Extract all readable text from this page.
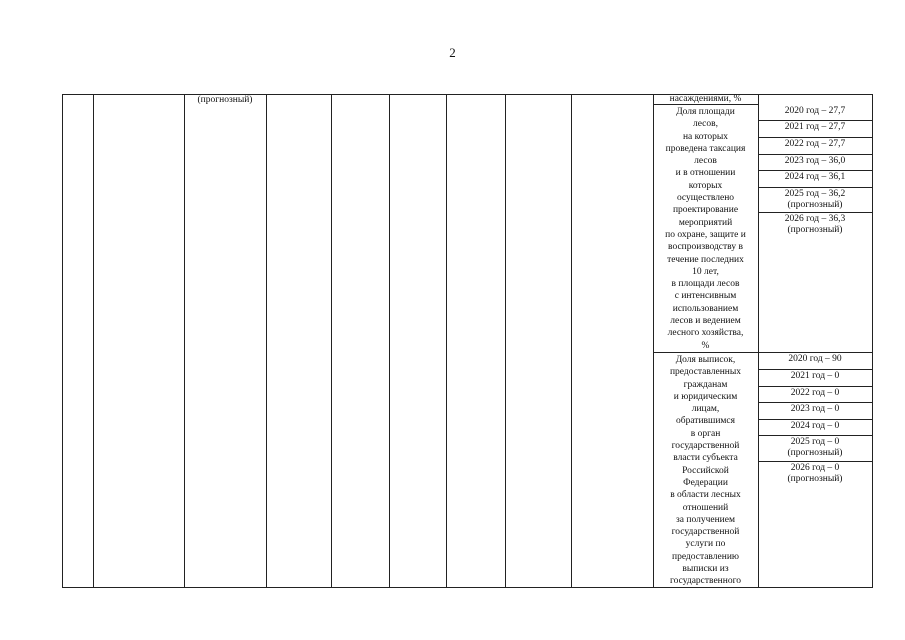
2
(прогнозный)	насаждениями, %
Доля площади
лесов,
на которых
проведена таксация
лесов
и в отношении
которых
осуществлено
проектирование
мероприятий
по охране, защите и
воспроизводству в
течение последних
10 лет,
в площади лесов
с интенсивным
использованием
лесов и ведением
лесного хозяйства,
%
2020 год – 27,7
2021 год – 27,7
2022 год – 27,7
2023 год – 36,0
2024 год – 36,1
2025 год – 36,2
(прогнозный)
2026 год – 36,3
(прогнозный)
Доля выписок,
предоставленных
гражданам
и юридическим
лицам,
обратившимся
в орган
государственной
власти субъекта
Российской
Федерации
в области лесных
отношений
за получением
государственной
услуги по
предоставлению
выписки из
государственного
2020 год – 90
2021 год – 0
2022 год – 0
2023 год – 0
2024 год – 0
2025 год – 0
(прогнозный)
2026 год – 0
(прогнозный)
